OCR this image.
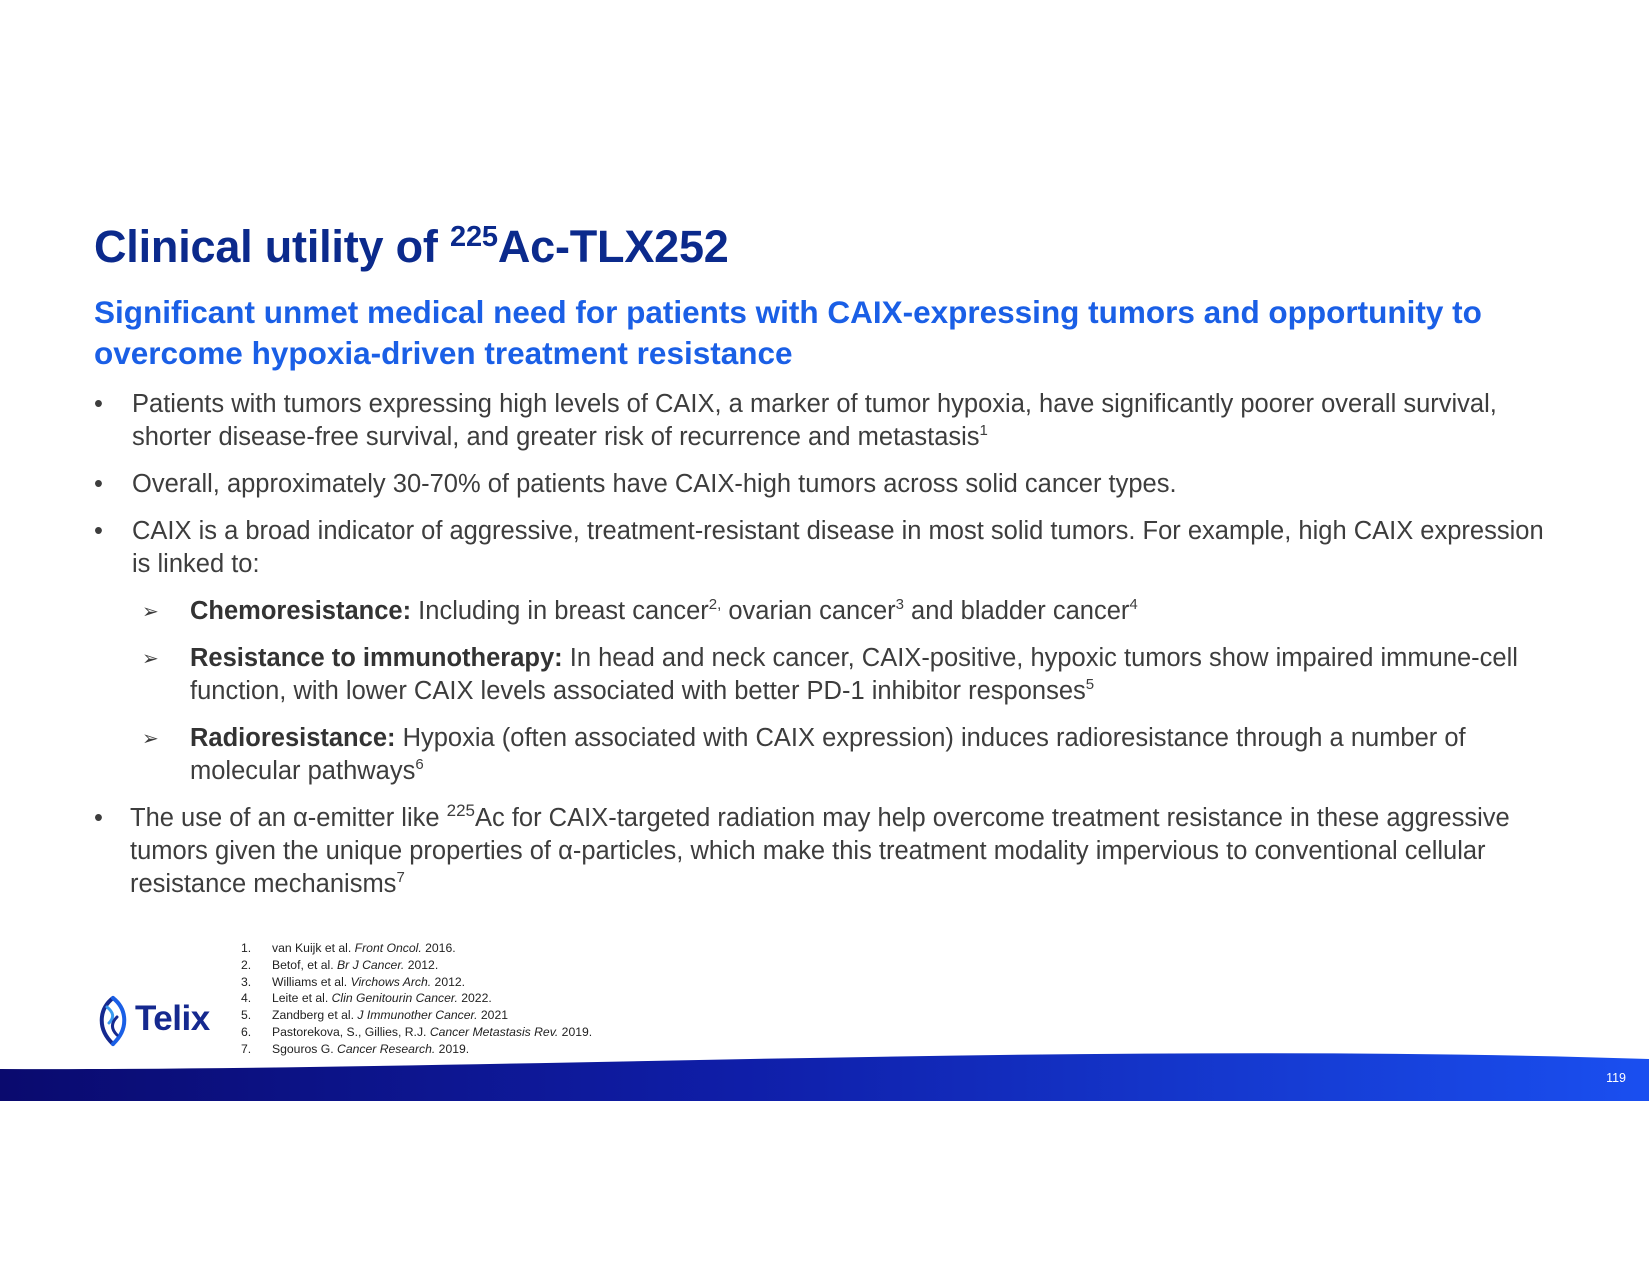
Clinical utility of $^{225}$Ac-TLX252
Significant unmet medical need for patients with CAIX-expressing tumors and opportunity to overcome hypoxia-driven treatment resistance
•	Patients with tumors expressing high levels of CAIX, a marker of tumor hypoxia, have significantly poorer overall survival, shorter disease-free survival, and greater risk of recurrence and metastasis$^1$
•	Overall, approximately 30-70% of patients have CAIX-high tumors across solid cancer types.
•	CAIX is a broad indicator of aggressive, treatment-resistant disease in most solid tumors. For example, high CAIX expression is linked to:
➢ Chemoresistance: Including in breast cancer$^{2,}$ ovarian cancer$^3$ and bladder cancer$^4$
➢ Resistance to immunotherapy: In head and neck cancer, CAIX-positive, hypoxic tumors show impaired immune-cell function, with lower CAIX levels associated with better PD-1 inhibitor responses$^5$
➢ Radioresistance: Hypoxia (often associated with CAIX expression) induces radioresistance through a number of molecular pathways$^6$
•	The use of an α-emitter like $^{225}$Ac for CAIX-targeted radiation may help overcome treatment resistance in these aggressive tumors given the unique properties of α-particles, which make this treatment modality impervious to conventional cellular resistance mechanisms$^7$
1. van Kuijk et al. Front Oncol. 2016.
2. Betof, et al. Br J Cancer. 2012.
3. Williams et al. Virchows Arch. 2012.
4. Leite et al. Clin Genitourin Cancer. 2022.
5. Zandberg et al. J Immunother Cancer. 2021
6. Pastorekova, S., Gillies, R.J. Cancer Metastasis Rev. 2019.
7. Sgouros G. Cancer Research. 2019.
Telix
119
